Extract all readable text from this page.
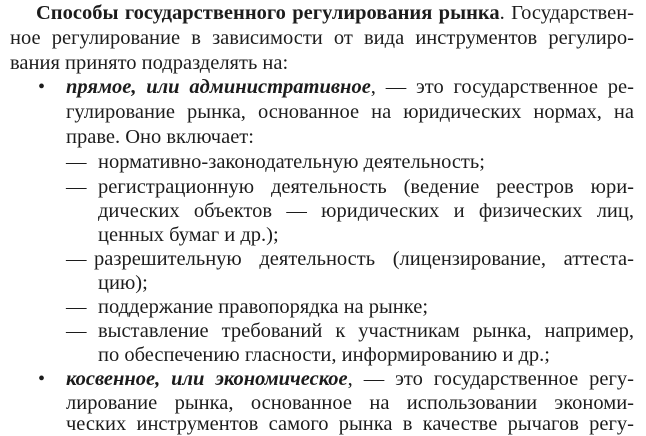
Способы государственного регулирования рынка. Государствен-
ное регулирование в зависимости от вида инструментов регулиро-
вания принято подразделять на:
• прямое, или административное, — это государственное ре-
гулирование рынка, основанное на юридических нормах, на
праве. Оно включает:
— нормативно-законодательную деятельность;
— регистрационную деятельность (ведение реестров юри-
дических объектов — юридических и физических лиц,
ценных бумаг и др.);
— разрешительную деятельность (лицензирование, аттеста-
цию);
— поддержание правопорядка на рынке;
— выставление требований к участникам рынка, например,
по обеспечению гласности, информированию и др.;
• косвенное, или экономическое, — это государственное регу-
лирование рынка, основанное на использовании экономи-
ческих инструментов самого рынка в качестве рычагов регу-
